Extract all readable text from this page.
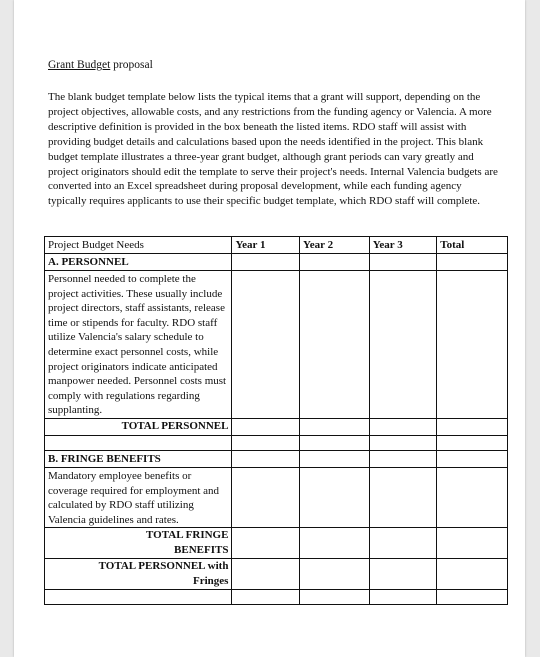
Grant Budget proposal

The blank budget template below lists the typical items that a grant will support, depending on the project objectives, allowable costs, and any restrictions from the funding agency or Valencia. A more descriptive definition is provided in the box beneath the listed items. RDO staff will assist with providing budget details and calculations based upon the needs identified in the project. This blank budget template illustrates a three-year grant budget, although grant periods can vary greatly and project originators should edit the template to serve their project's needs. Internal Valencia budgets are converted into an Excel spreadsheet during proposal development, while each funding agency typically requires applicants to use their specific budget template, which RDO staff will complete.

Project Budget Needs	Year 1	Year 2	Year 3	Total
A. PERSONNEL				
Personnel needed to complete the project activities. These usually include project directors, staff assistants, release time or stipends for faculty. RDO staff utilize Valencia's salary schedule to determine exact personnel costs, while project originators indicate anticipated manpower needed. Personnel costs must comply with regulations regarding supplanting.				
TOTAL PERSONNEL				

B. FRINGE BENEFITS				
Mandatory employee benefits or coverage required for employment and calculated by RDO staff utilizing Valencia guidelines and rates.				
TOTAL FRINGE BENEFITS				
TOTAL PERSONNEL with Fringes				
